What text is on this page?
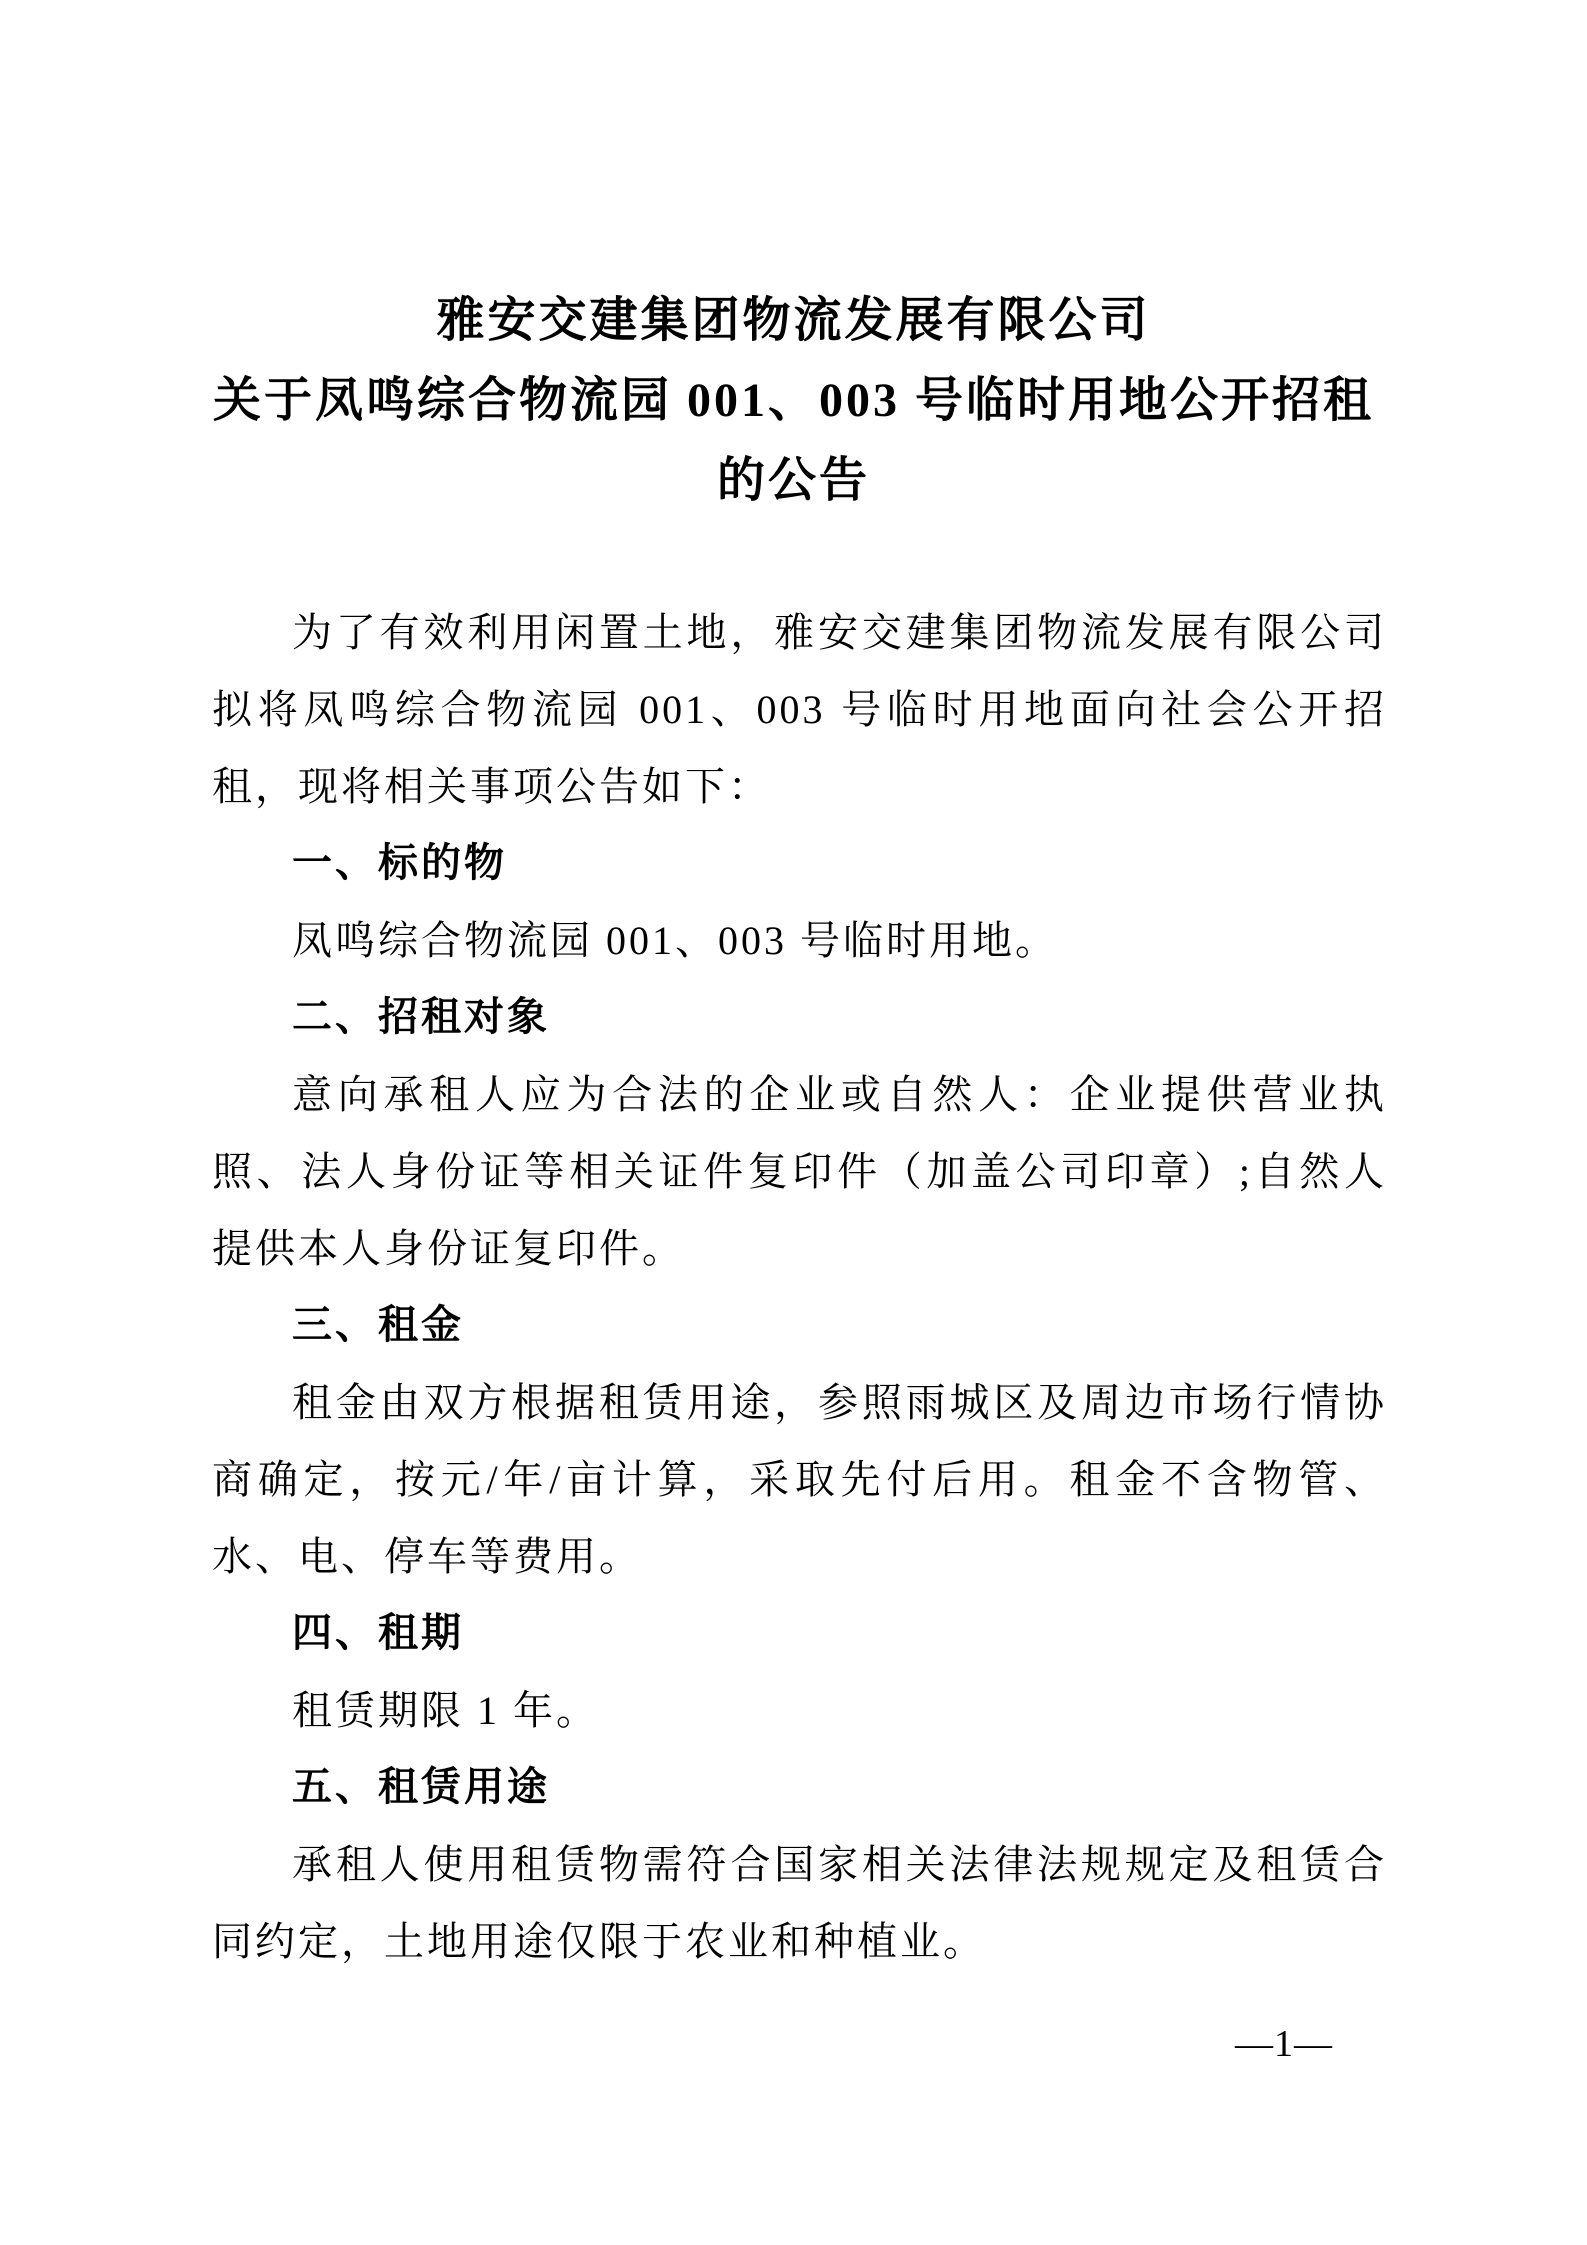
雅安交建集团物流发展有限公司
关于凤鸣综合物流园 001、003 号临时用地公开招租
的公告

为了有效利用闲置土地，雅安交建集团物流发展有限公司拟将凤鸣综合物流园 001、003 号临时用地面向社会公开招租，现将相关事项公告如下：

一、标的物

凤鸣综合物流园 001、003 号临时用地。

二、招租对象

意向承租人应为合法的企业或自然人：企业提供营业执照、法人身份证等相关证件复印件（加盖公司印章）;自然人提供本人身份证复印件。

三、租金

租金由双方根据租赁用途，参照雨城区及周边市场行情协商确定，按元/年/亩计算，采取先付后用。租金不含物管、水、电、停车等费用。

四、租期

租赁期限 1 年。

五、租赁用途

承租人使用租赁物需符合国家相关法律法规规定及租赁合同约定，土地用途仅限于农业和种植业。

—1—
